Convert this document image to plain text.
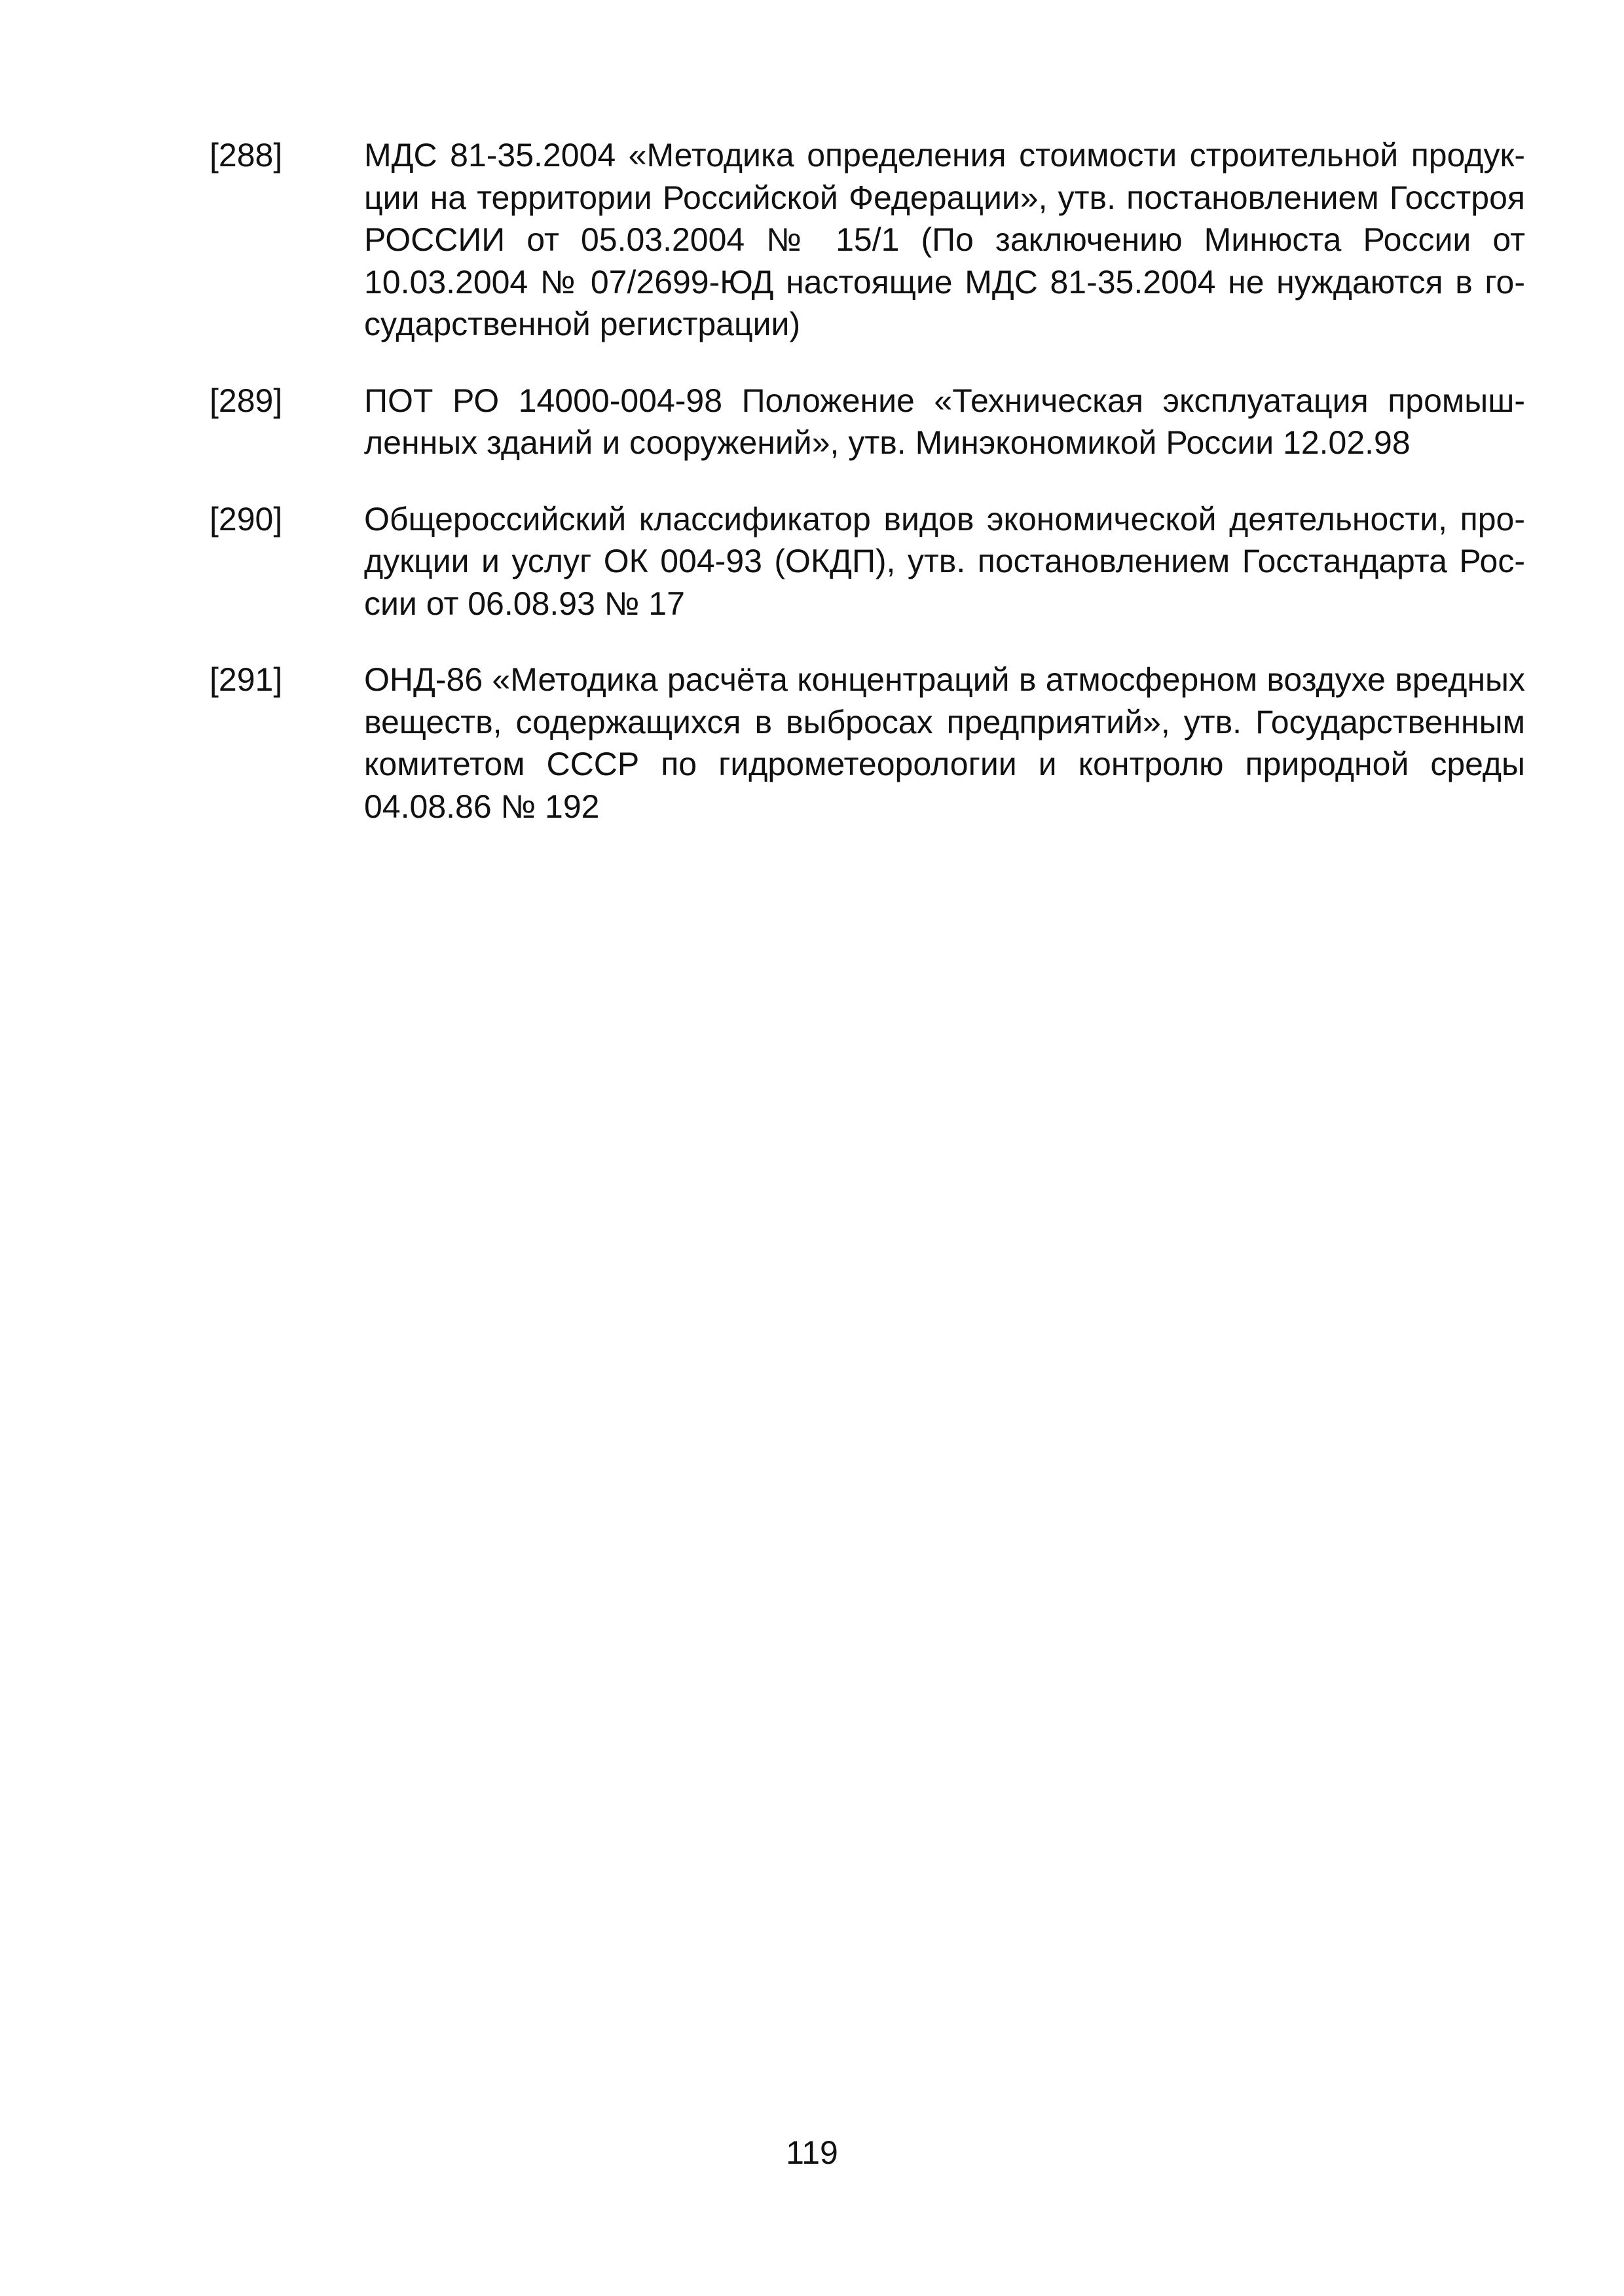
[288] МДС 81-35.2004 «Методика определения стоимости строительной продукции на территории Российской Федерации», утв. постановлением Госстроя РОССИИ от 05.03.2004 № 15/1 (По заключению Минюста России от 10.03.2004 № 07/2699-ЮД настоящие МДС 81-35.2004 не нуждаются в государственной регистрации)
[289] ПОТ РО 14000-004-98 Положение «Техническая эксплуатация промышленных зданий и сооружений», утв. Минэкономикой России 12.02.98
[290] Общероссийский классификатор видов экономической деятельности, продукции и услуг ОК 004-93 (ОКДП), утв. постановлением Госстандарта России от 06.08.93 № 17
[291] ОНД-86 «Методика расчёта концентраций в атмосферном воздухе вредных веществ, содержащихся в выбросах предприятий», утв. Государственным комитетом СССР по гидрометеорологии и контролю природной среды 04.08.86 № 192
119
